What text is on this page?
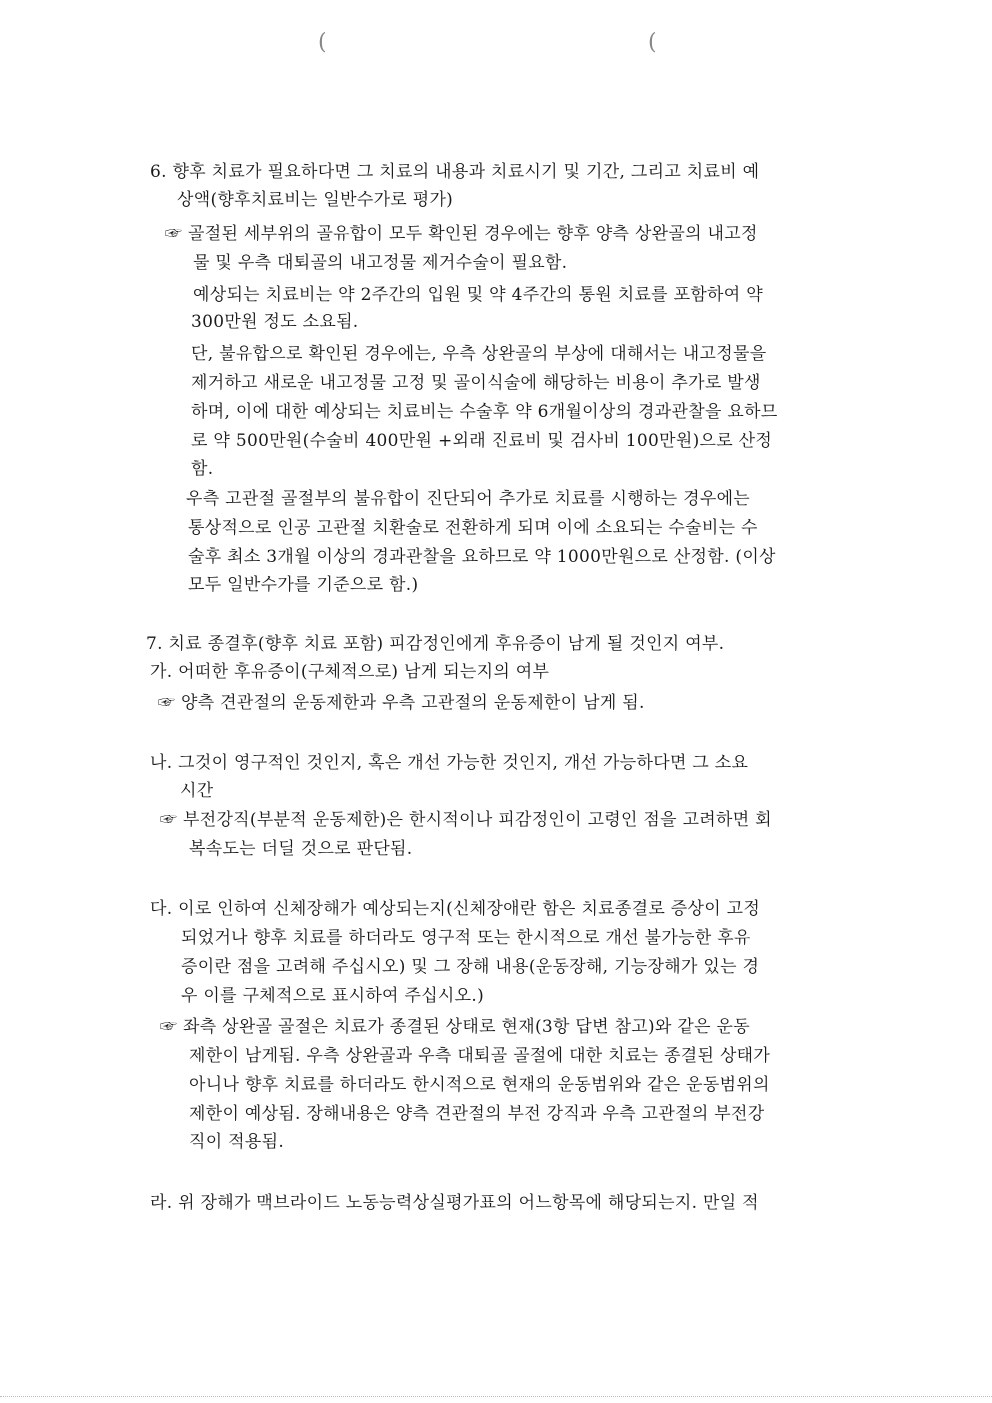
(	(
6. 향후 치료가 필요하다면 그 치료의 내용과 치료시기 및 기간, 그리고 치료비 예
상액(향후치료비는 일반수가로 평가)
☞ 골절된 세부위의 골유합이 모두 확인된 경우에는 향후 양측 상완골의 내고정
물 및 우측 대퇴골의 내고정물 제거수술이 필요함.
예상되는 치료비는 약 2주간의 입원 및 약 4주간의 통원 치료를 포함하여 약
300만원 정도 소요됨.
단, 불유합으로 확인된 경우에는, 우측 상완골의 부상에 대해서는 내고정물을
제거하고 새로운 내고정물 고정 및 골이식술에 해당하는 비용이 추가로 발생
하며, 이에 대한 예상되는 치료비는 수술후 약 6개월이상의 경과관찰을 요하므
로 약 500만원(수술비 400만원 +외래 진료비 및 검사비 100만원)으로 산정
함.
우측 고관절 골절부의 불유합이 진단되어 추가로 치료를 시행하는 경우에는
통상적으로 인공 고관절 치환술로 전환하게 되며 이에 소요되는 수술비는 수
술후 최소 3개월 이상의 경과관찰을 요하므로 약 1000만원으로 산정함. (이상
모두 일반수가를 기준으로 함.)
7. 치료 종결후(향후 치료 포함) 피감정인에게 후유증이 남게 될 것인지 여부.
가. 어떠한 후유증이(구체적으로) 남게 되는지의 여부
☞ 양측 견관절의 운동제한과 우측 고관절의 운동제한이 남게 됨.
나. 그것이 영구적인 것인지, 혹은 개선 가능한 것인지, 개선 가능하다면 그 소요
시간
☞ 부전강직(부분적 운동제한)은 한시적이나 피감정인이 고령인 점을 고려하면 회
복속도는 더딜 것으로 판단됨.
다. 이로 인하여 신체장해가 예상되는지(신체장애란 함은 치료종결로 증상이 고정
되었거나 향후 치료를 하더라도 영구적 또는 한시적으로 개선 불가능한 후유
증이란 점을 고려해 주십시오) 및 그 장해 내용(운동장해, 기능장해가 있는 경
우 이를 구체적으로 표시하여 주십시오.)
☞ 좌측 상완골 골절은 치료가 종결된 상태로 현재(3항 답변 참고)와 같은 운동
제한이 남게됨. 우측 상완골과 우측 대퇴골 골절에 대한 치료는 종결된 상태가
아니나 향후 치료를 하더라도 한시적으로 현재의 운동범위와 같은 운동범위의
제한이 예상됨. 장해내용은 양측 견관절의 부전 강직과 우측 고관절의 부전강
직이 적용됨.
라. 위 장해가 맥브라이드 노동능력상실평가표의 어느항목에 해당되는지. 만일 적
